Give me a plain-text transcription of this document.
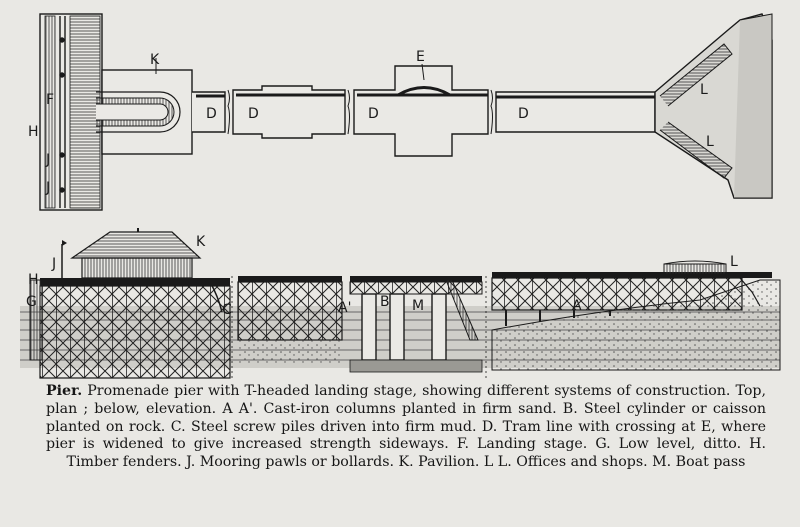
K
F
H
J
J
D D	D
E
D
L
L
K
J
H
G	C	A' B M	A
L
Pier. Promenade pier with T-headed landing stage, showing different systems of construction. Top, plan ; below, elevation. A A'. Cast-iron columns planted in firm sand. B. Steel cylinder or caisson planted on rock. C. Steel screw piles driven into firm mud. D. Tram line with crossing at E, where pier is widened to give increased strength sideways. F. Landing stage. G. Low level, ditto. H. Timber fenders. J. Mooring pawls or bollards. K. Pavilion. L L. Offices and shops. M. Boat pass
